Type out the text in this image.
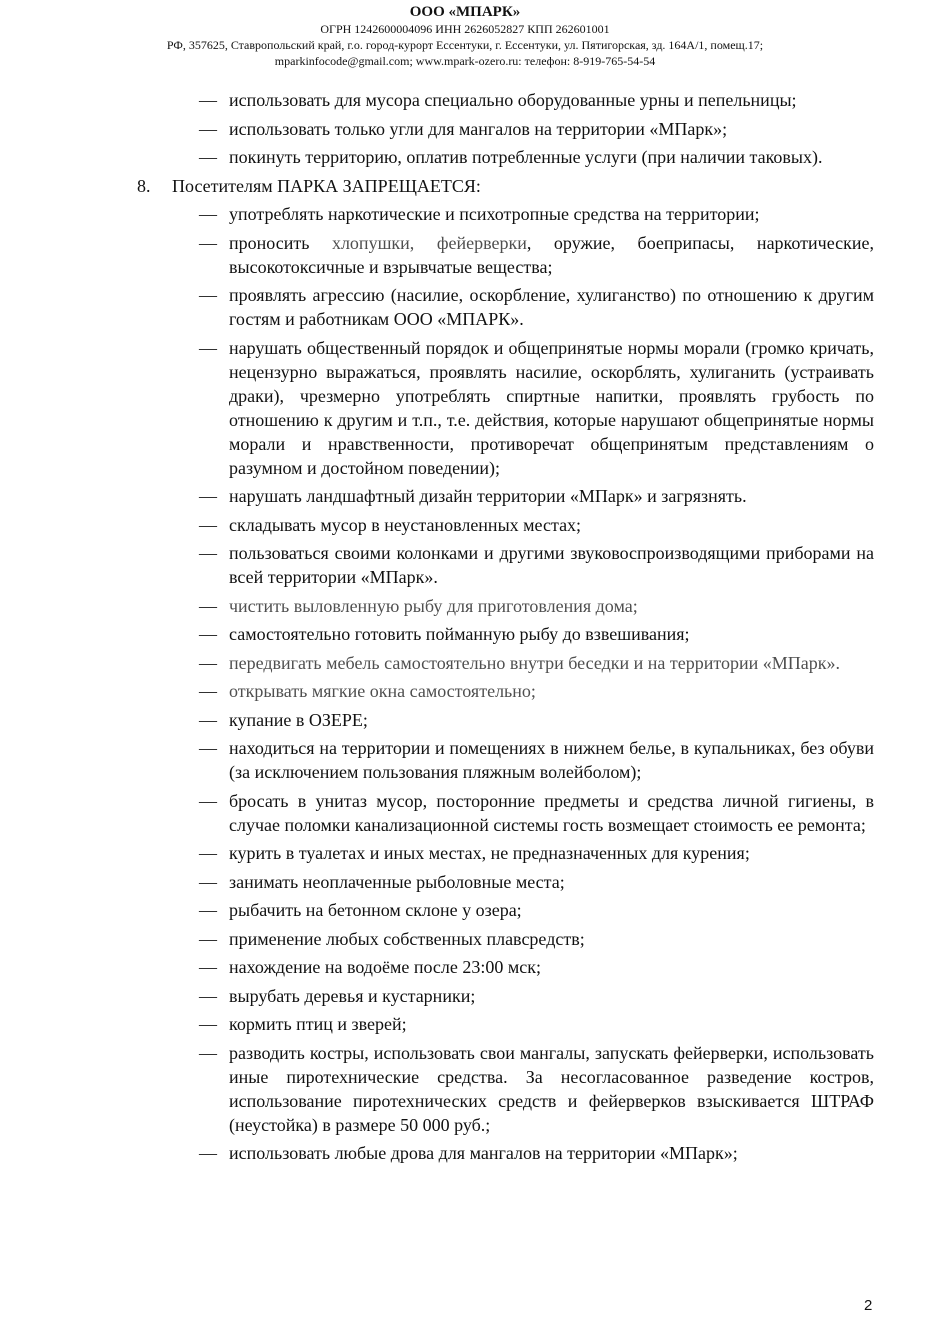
ООО «МПАРК»
ОГРН 1242600004096 ИНН 2626052827 КПП 262601001
РФ, 357625, Ставропольский край, г.о. город-курорт Ессентуки, г. Ессентуки, ул. Пятигорская, зд. 164А/1, помещ.17;
mparkinfocode@gmail.com; www.mpark-ozero.ru: телефон: 8-919-765-54-54
— использовать для мусора специально оборудованные урны и пепельницы;
— использовать только угли для мангалов на территории «МПарк»;
— покинуть территорию, оплатив потребленные услуги (при наличии таковых).
8. Посетителям ПАРКА ЗАПРЕЩАЕТСЯ:
— употреблять наркотические и психотропные средства на территории;
— проносить хлопушки, фейерверки, оружие, боеприпасы, наркотические, высокотоксичные и взрывчатые вещества;
— проявлять агрессию (насилие, оскорбление, хулиганство) по отношению к другим гостям и работникам ООО «МПАРК».
— нарушать общественный порядок и общепринятые нормы морали (громко кричать, нецензурно выражаться, проявлять насилие, оскорблять, хулиганить (устраивать драки), чрезмерно употреблять спиртные напитки, проявлять грубость по отношению к другим и т.п., т.е. действия, которые нарушают общепринятые нормы морали и нравственности, противоречат общепринятым представлениям о разумном и достойном поведении);
— нарушать ландшафтный дизайн территории «МПарк» и загрязнять.
— складывать мусор в неустановленных местах;
— пользоваться своими колонками и другими звуковоспроизводящими приборами на всей территории «МПарк».
— чистить выловленную рыбу для приготовления дома;
— самостоятельно готовить пойманную рыбу до взвешивания;
— передвигать мебель самостоятельно внутри беседки и на территории «МПарк».
— открывать мягкие окна самостоятельно;
— купание в ОЗЕРЕ;
— находиться на территории и помещениях в нижнем белье, в купальниках, без обуви (за исключением пользования пляжным волейболом);
— бросать в унитаз мусор, посторонние предметы и средства личной гигиены, в случае поломки канализационной системы гость возмещает стоимость ее ремонта;
— курить в туалетах и иных местах, не предназначенных для курения;
— занимать неоплаченные рыболовные места;
— рыбачить на бетонном склоне у озера;
— применение любых собственных плавсредств;
— нахождение на водоёме после 23:00 мск;
— вырубать деревья и кустарники;
— кормить птиц и зверей;
— разводить костры, использовать свои мангалы, запускать фейерверки, использовать иные пиротехнические средства. За несогласованное разведение костров, использование пиротехнических средств и фейерверков взыскивается ШТРАФ (неустойка) в размере 50 000 руб.;
— использовать любые дрова для мангалов на территории «МПарк»;
2
